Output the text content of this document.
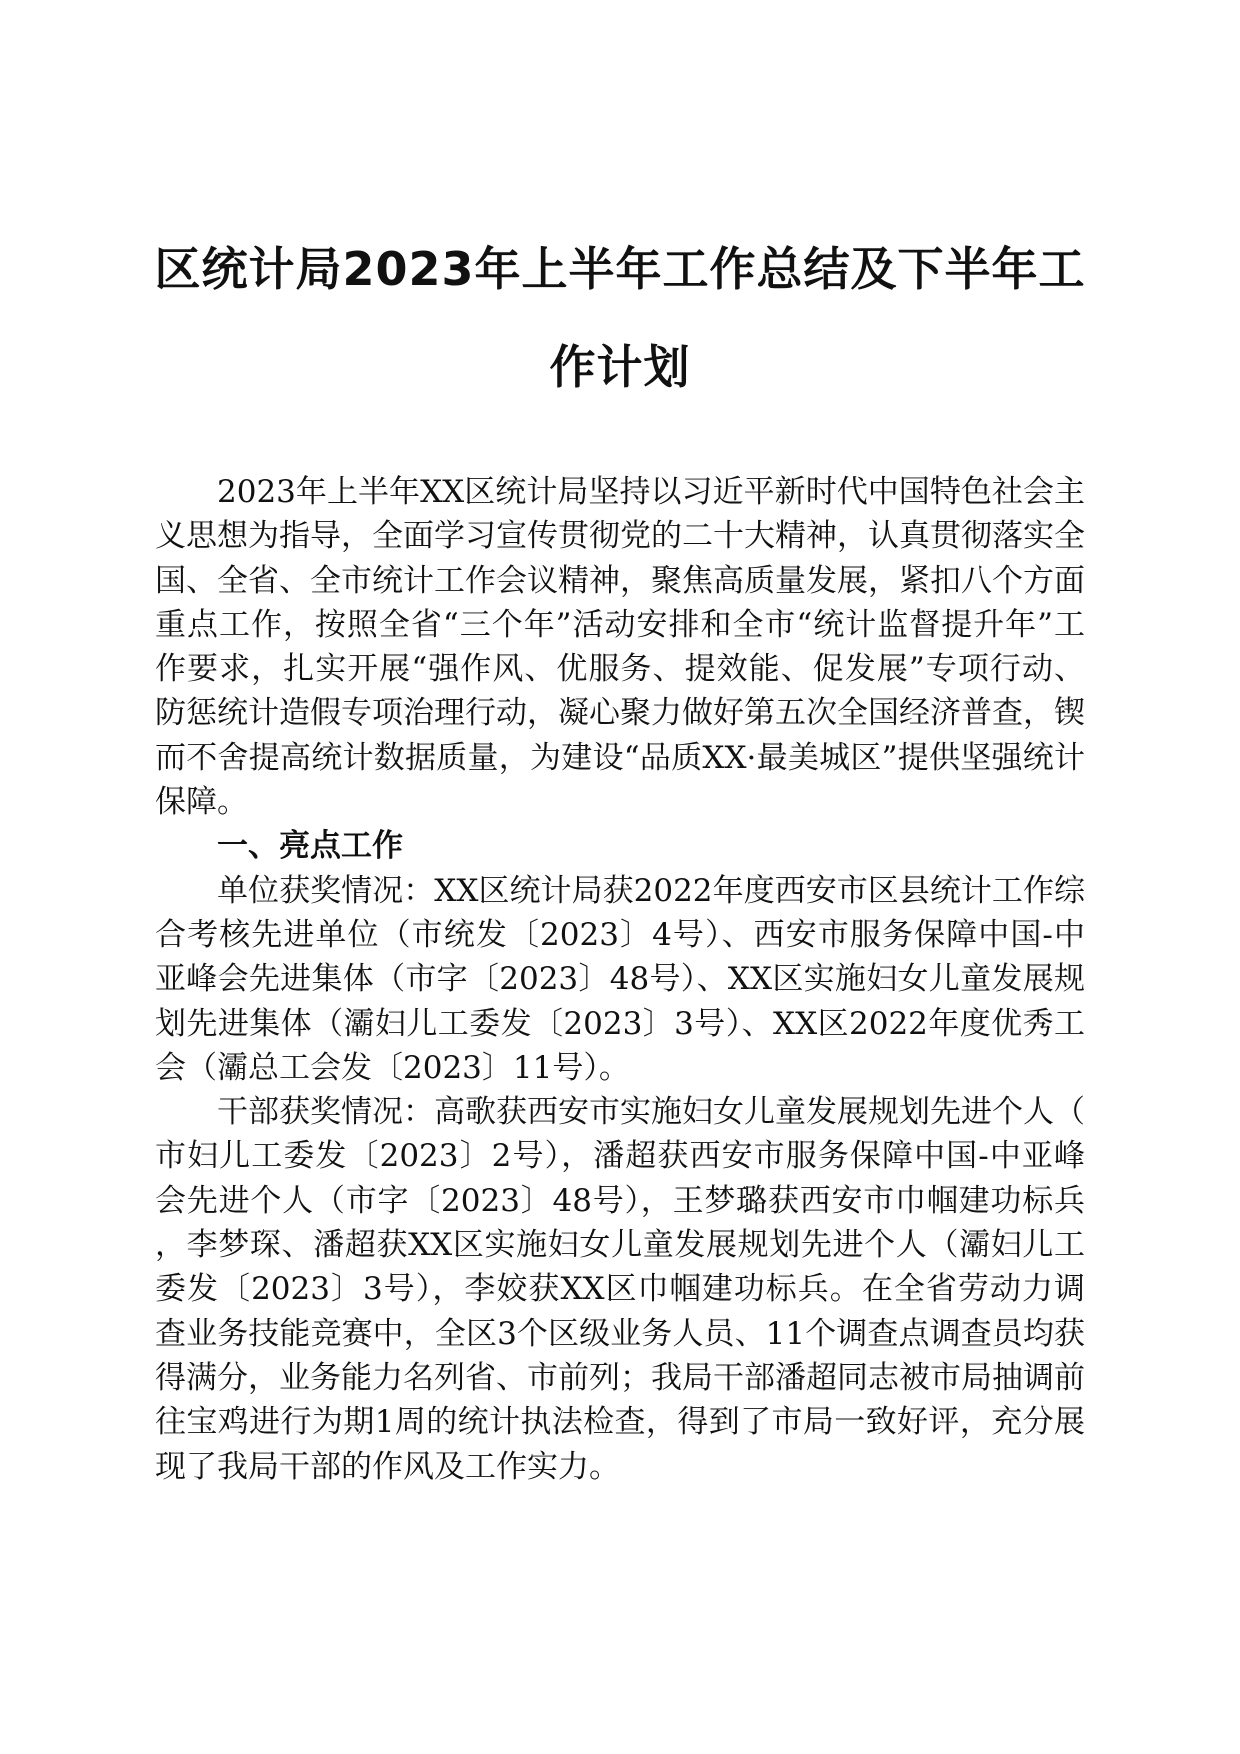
区统计局2023年上半年工作总结及下半年工
作计划

2023年上半年XX区统计局坚持以习近平新时代中国特色社会主义思想为指导，全面学习宣传贯彻党的二十大精神，认真贯彻落实全国、全省、全市统计工作会议精神，聚焦高质量发展，紧扣八个方面重点工作，按照全省“三个年”活动安排和全市“统计监督提升年”工作要求，扎实开展“强作风、优服务、提效能、促发展”专项行动、防惩统计造假专项治理行动，凝心聚力做好第五次全国经济普查，锲而不舍提高统计数据质量，为建设“品质XX·最美城区”提供坚强统计保障。

一、亮点工作

单位获奖情况：XX区统计局获2022年度西安市区县统计工作综合考核先进单位（市统发〔2023〕4号）、西安市服务保障中国-中亚峰会先进集体（市字〔2023〕48号）、XX区实施妇女儿童发展规划先进集体（灞妇儿工委发〔2023〕3号）、XX区2022年度优秀工会（灞总工会发〔2023〕11号）。

干部获奖情况：高歌获西安市实施妇女儿童发展规划先进个人（市妇儿工委发〔2023〕2号），潘超获西安市服务保障中国-中亚峰会先进个人（市字〔2023〕48号），王梦璐获西安市巾帼建功标兵，李梦琛、潘超获XX区实施妇女儿童发展规划先进个人（灞妇儿工委发〔2023〕3号），李姣获XX区巾帼建功标兵。在全省劳动力调查业务技能竞赛中，全区3个区级业务人员、11个调查点调查员均获得满分，业务能力名列省、市前列；我局干部潘超同志被市局抽调前往宝鸡进行为期1周的统计执法检查，得到了市局一致好评，充分展现了我局干部的作风及工作实力。
